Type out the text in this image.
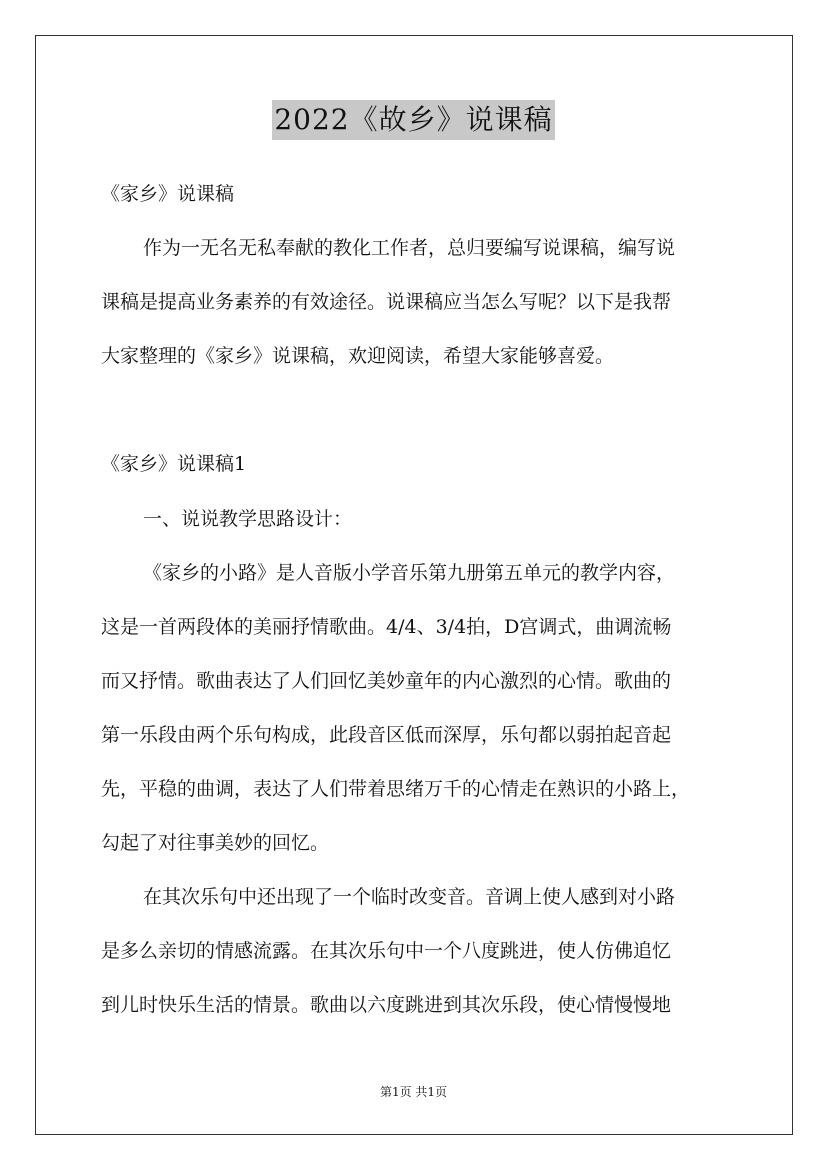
2022《故乡》说课稿
《家乡》说课稿
作为一无名无私奉献的教化工作者，总归要编写说课稿，编写说
课稿是提高业务素养的有效途径。说课稿应当怎么写呢？以下是我帮
大家整理的《家乡》说课稿，欢迎阅读，希望大家能够喜爱。
《家乡》说课稿1
一、说说教学思路设计：
《家乡的小路》是人音版小学音乐第九册第五单元的教学内容，
这是一首两段体的美丽抒情歌曲。4/4、3/4拍，D宫调式，曲调流畅
而又抒情。歌曲表达了人们回忆美妙童年的内心激烈的心情。歌曲的
第一乐段由两个乐句构成，此段音区低而深厚，乐句都以弱拍起音起
先，平稳的曲调，表达了人们带着思绪万千的心情走在熟识的小路上，
勾起了对往事美妙的回忆。
在其次乐句中还出现了一个临时改变音。音调上使人感到对小路
是多么亲切的情感流露。在其次乐句中一个八度跳进，使人仿佛追忆
到儿时快乐生活的情景。歌曲以六度跳进到其次乐段，使心情慢慢地
第1页 共1页
